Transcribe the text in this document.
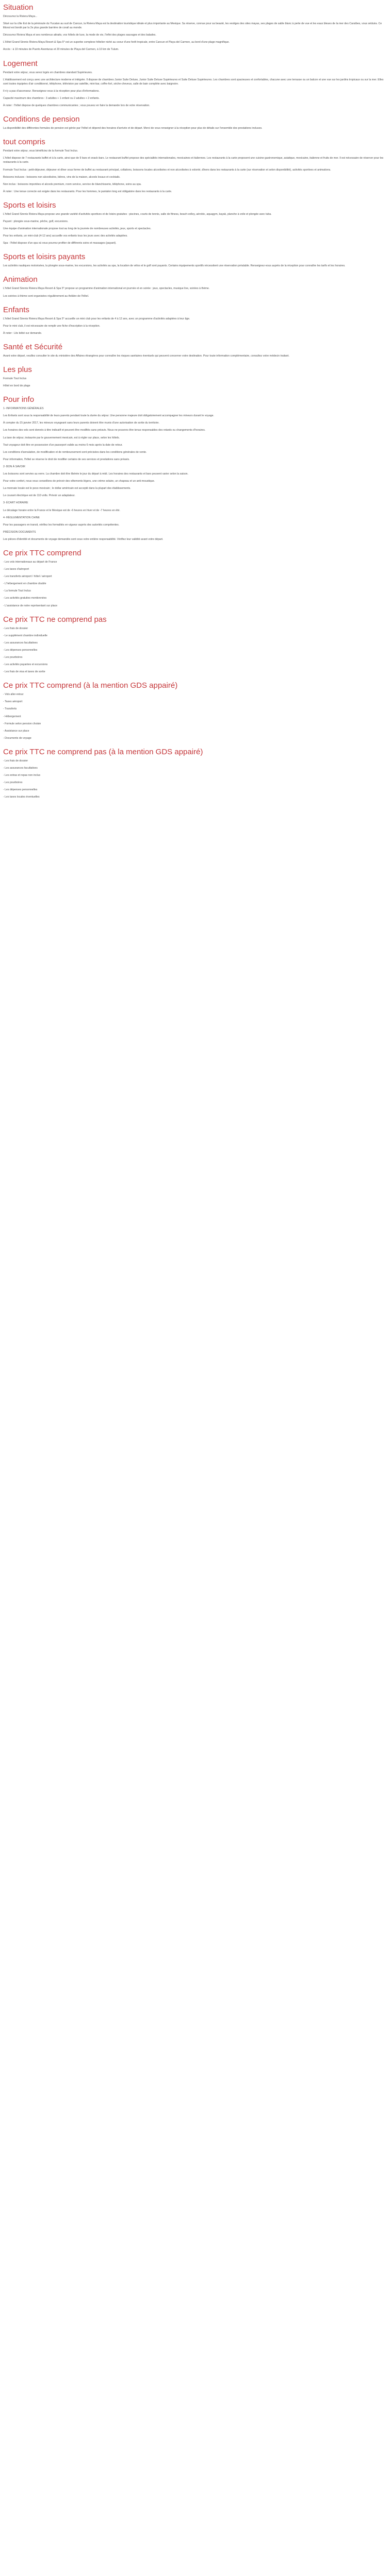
Situation

Découvrez la Riviera Maya...

Situé sur la côte Est de la péninsule du Yucatan au sud de Cancun, la Riviera Maya est la destination touristique idéale et plus importante au Mexique. Sa réserve, connue pour sa beauté, les vestiges des sites mayas, ses plages de sable blanc à perte de vue et les eaux bleues de la mer des Caraïbes, vous séduira. Ce littoral est bordé par la 2e plus grande barrière de corail au monde.

Découvrez Riviera Maya et ses nombreux attraits, vos hôtels de luxe, la mode de vie, l'infini des plages sauvages et des balades.

L'Hôtel Grand Sirenis Riviera Maya Resort & Spa 5* est un superbe complexe hôtelier niché au coeur d'une forêt tropicale, entre Cancun et Playa del Carmen, au bord d'une plage magnifique.

Accès : à 10 minutes de Puerto Aventuras et 20 minutes de Playa del Carmen, à 10 km de Tulum.

Logement

Pendant votre séjour, vous serez logés en chambres standard Supérieures.

L'établissement est conçu avec une architecture moderne et intégrée. Il dispose de chambres Junior Suite Deluxe, Junior Suite Deluxe Supérieures et Suite Deluxe Supérieures. Les chambres sont spacieuses et confortables, chacune avec une terrasse ou un balcon et une vue sur les jardins tropicaux ou sur la mer. Elles sont toutes équipées d'air conditionné, téléphone, télévision par satellite, mini-bar, coffre-fort, sèche-cheveux, salle de bain complète avec baignoire.

Il n'y a pas d'ascenseur. Renseignez-vous à la réception pour plus d'informations.

Capacité maximum des chambres : 3 adultes + 1 enfant ou 2 adultes + 2 enfants.

À noter : l'hôtel dispose de quelques chambres communicantes ; vous pouvez en faire la demande lors de votre réservation.

Conditions de pension

La disponibilité des différentes formules de pension est gérée par l'hôtel et dépend des horaires d'arrivée et de départ. Merci de vous renseigner à la réception pour plus de détails sur l'ensemble des prestations incluses.

tout compris

Pendant votre séjour, vous bénéficiez de la formule Tout Inclus.

L'hôtel dispose de 7 restaurants buffet et à la carte, ainsi que de 9 bars et snack-bars. Le restaurant buffet propose des spécialités internationales, mexicaines et italiennes. Les restaurants à la carte proposent une cuisine gastronomique, asiatique, mexicaine, italienne et fruits de mer. Il est nécessaire de réserver pour les restaurants à la carte.

Formule Tout Inclus : petit-déjeuner, déjeuner et dîner sous forme de buffet au restaurant principal, collations, boissons locales alcoolisées et non alcoolisées à volonté, dîners dans les restaurants à la carte (sur réservation et selon disponibilité), activités sportives et animations.

Boissons incluses : boissons non alcoolisées, bières, vins de la maison, alcools locaux et cocktails.

Non inclus : boissons importées et alcools premium, room service, service de blanchisserie, téléphone, soins au spa.

À noter : Une tenue correcte est exigée dans les restaurants. Pour les hommes, le pantalon long est obligatoire dans les restaurants à la carte.

Sports et loisirs

L'hôtel Grand Sirenis Riviera Maya propose une grande variété d'activités sportives et de loisirs gratuites : piscines, courts de tennis, salle de fitness, beach-volley, aérobic, aquagym, kayak, planche à voile et plongée avec tuba.

Payant : plongée sous-marine, pêche, golf, excursions.

Une équipe d'animation internationale propose tout au long de la journée de nombreuses activités, jeux, sports et spectacles.

Pour les enfants, un mini-club (4-12 ans) accueille vos enfants tous les jours avec des activités adaptées.

Spa : l'hôtel dispose d'un spa où vous pourrez profiter de différents soins et massages (payant).

Sports et loisirs payants

Les activités nautiques motorisées, la plongée sous-marine, les excursions, les activités au spa, la location de vélos et le golf sont payants. Certains équipements sportifs nécessitent une réservation préalable. Renseignez-vous auprès de la réception pour connaître les tarifs et les horaires.

Animation

L'hôtel Grand Sirenis Riviera Maya Resort & Spa 5* propose un programme d'animation international en journée et en soirée : jeux, spectacles, musique live, soirées à thème.

Les soirées à thème sont organisées régulièrement au théâtre de l'hôtel.

Enfants

L'hôtel Grand Sirenis Riviera Maya Resort & Spa 5* accueille un mini club pour les enfants de 4 à 12 ans, avec un programme d'activités adaptées à leur âge.

Pour le mini club, il est nécessaire de remplir une fiche d'inscription à la réception.

À noter : Lits bébé sur demande.

Santé et Sécurité

Avant votre départ, veuillez consulter le site du ministère des Affaires étrangères pour connaître les risques sanitaires éventuels qui peuvent concerner votre destination. Pour toute information complémentaire, consultez votre médecin traitant.

Les plus

Formule Tout Inclus

Hôtel en bord de plage

Pour info

1- INFORMATIONS GÉNÉRALES

Les Enfants sont sous la responsabilité de leurs parents pendant toute la durée du séjour. Une personne majeure doit obligatoirement accompagner les mineurs durant le voyage.

À compter du 15 janvier 2017, les mineurs voyageant sans leurs parents doivent être munis d'une autorisation de sortie du territoire.

Les horaires des vols sont donnés à titre indicatif et peuvent être modifiés sans préavis. Nous ne pouvons être tenus responsables des retards ou changements d'horaires.

La taxe de séjour, instaurée par le gouvernement mexicain, est à régler sur place, selon les hôtels.

Tout voyageur doit être en possession d'un passeport valide au moins 6 mois après la date de retour.

Les conditions d'annulation, de modification et de remboursement sont précisées dans les conditions générales de vente.

Pour information, l'hôtel se réserve le droit de modifier certains de ses services et prestations sans préavis.

2- BON À SAVOIR

Les boissons sont servies au verre. La chambre doit être libérée le jour du départ à midi. Les horaires des restaurants et bars peuvent varier selon la saison.

Pour votre confort, nous vous conseillons de prévoir des vêtements légers, une crème solaire, un chapeau et un anti-moustique.

La monnaie locale est le peso mexicain ; le dollar américain est accepté dans la plupart des établissements.

Le courant électrique est de 110 volts. Prévoir un adaptateur.

3- ÉCART HORAIRE

Le décalage horaire entre la France et le Mexique est de -6 heures en hiver et de -7 heures en été.

4- RÈGLEMENTATION CHINE

Pour les passagers en transit, vérifiez les formalités en vigueur auprès des autorités compétentes.

PRÉCISION DOCUMENTS

Les pièces d'identité et documents de voyage demandés sont sous votre entière responsabilité. Vérifiez leur validité avant votre départ.

Ce prix TTC comprend

- Les vols internationaux au départ de France

- Les taxes d'aéroport

- Les transferts aéroport / hôtel / aéroport

- L'hébergement en chambre double

- La formule Tout Inclus

- Les activités gratuites mentionnées

- L'assistance de notre représentant sur place

Ce prix TTC ne comprend pas

- Les frais de dossier

- Le supplément chambre individuelle

- Les assurances facultatives

- Les dépenses personnelles

- Les pourboires

- Les activités payantes et excursions

- Les frais de visa et taxes de sortie

Ce prix TTC comprend (à la mention GDS appairé)

- Vols aller-retour

- Taxes aéroport

- Transferts

- Hébergement

- Formule selon pension choisie

- Assistance sur place

- Documents de voyage

Ce prix TTC ne comprend pas (à la mention GDS appairé)

- Les frais de dossier

- Les assurances facultatives

- Les extras et repas non inclus

- Les pourboires

- Les dépenses personnelles

- Les taxes locales éventuelles
